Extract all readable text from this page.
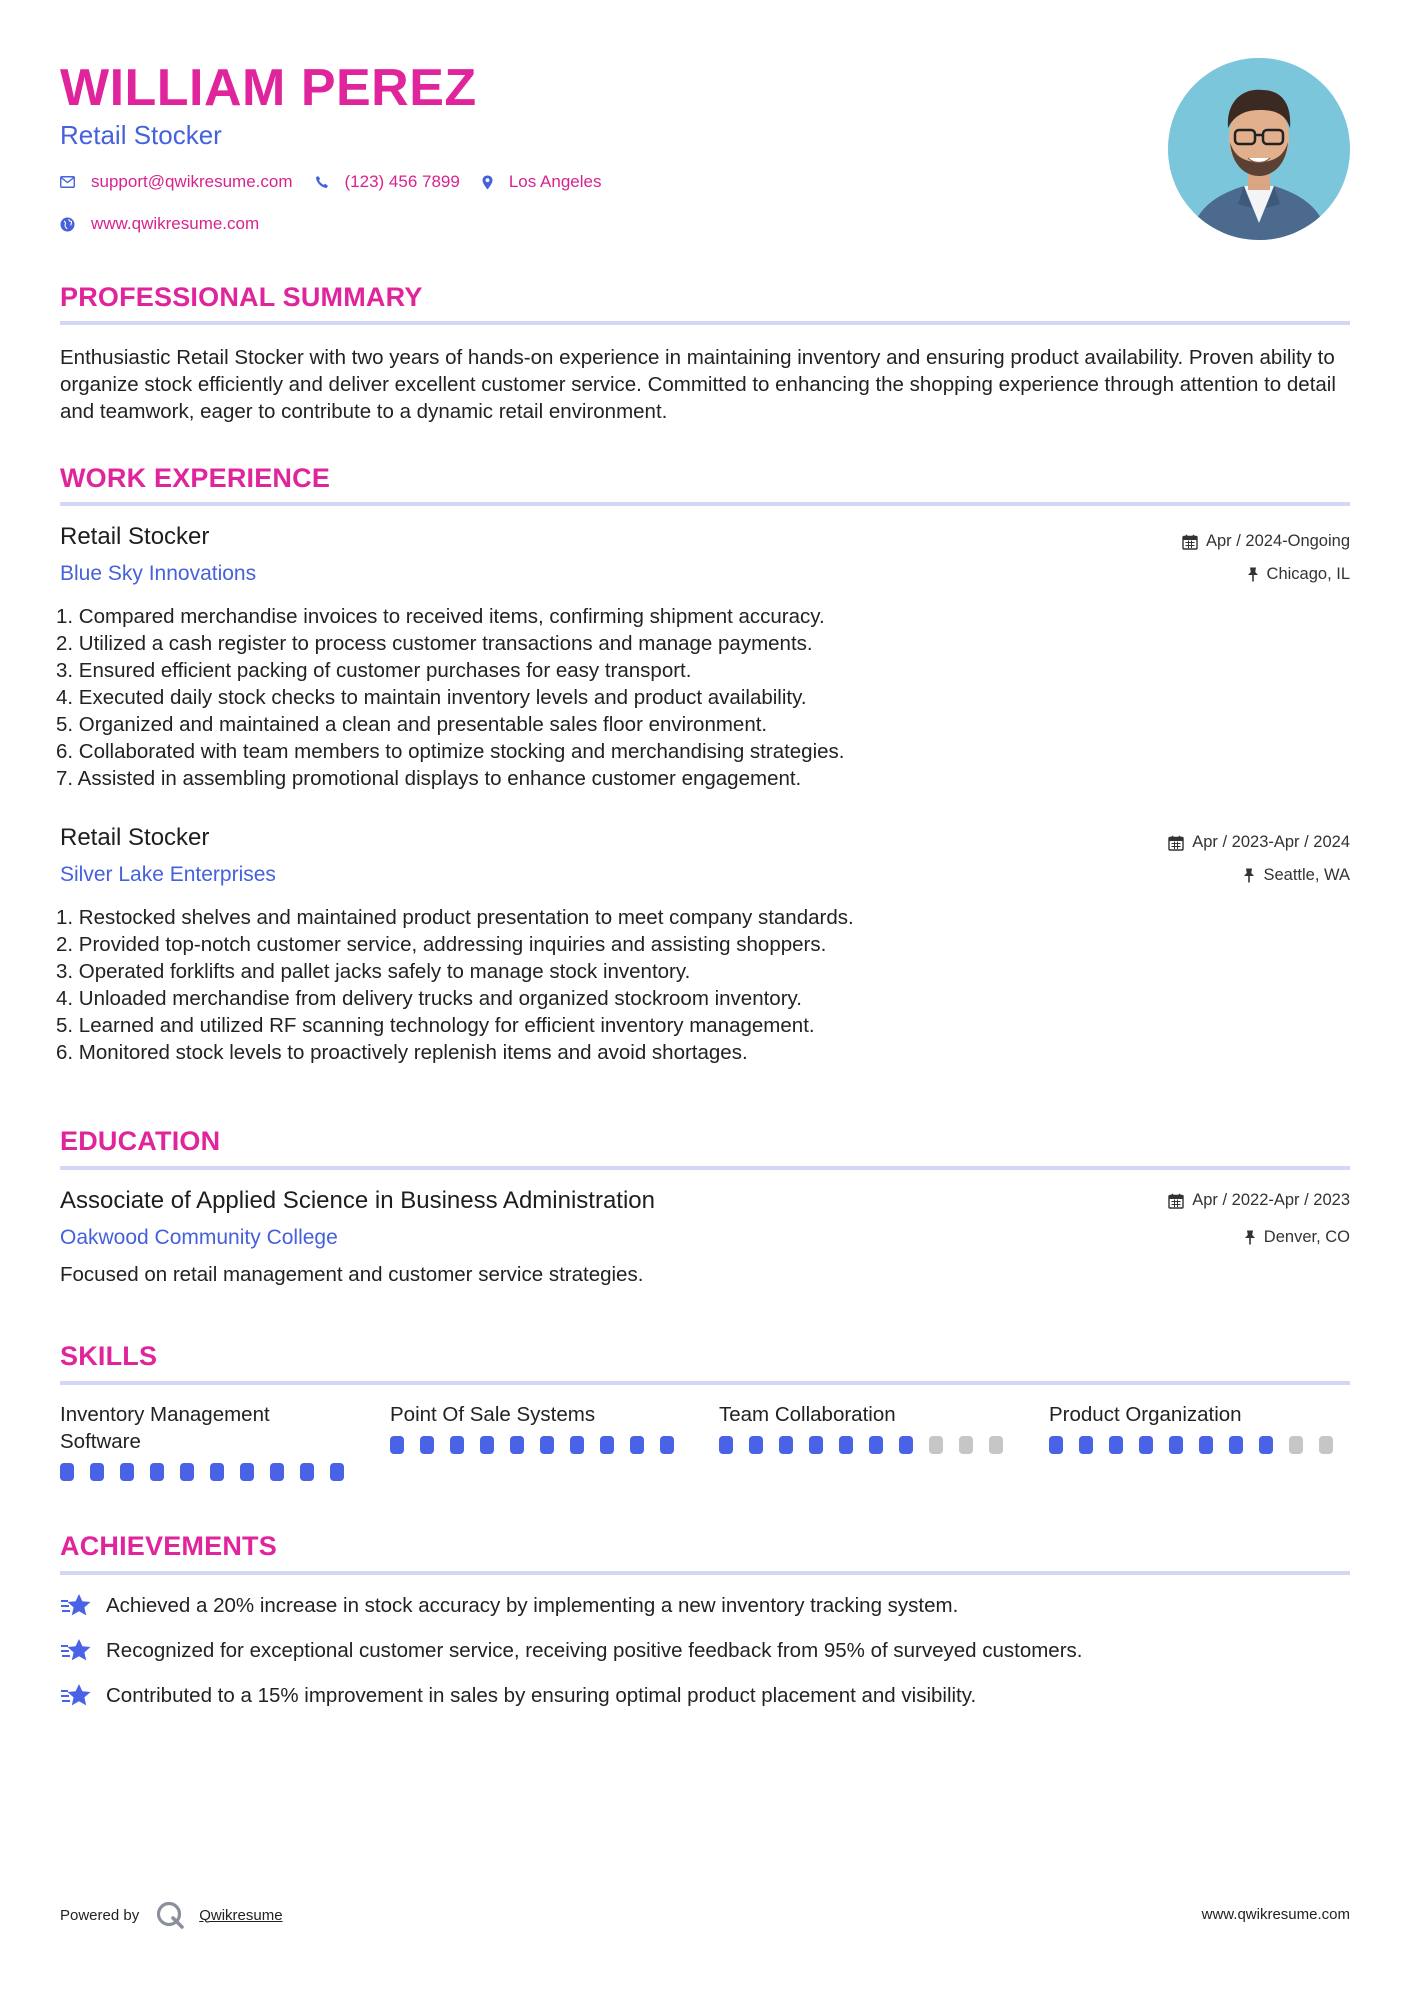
WILLIAM PEREZ
Retail Stocker
support@qwikresume.com	(123) 456 7899	Los Angeles
www.qwikresume.com
PROFESSIONAL SUMMARY
Enthusiastic Retail Stocker with two years of hands-on experience in maintaining inventory and ensuring product availability. Proven ability to organize stock efficiently and deliver excellent customer service. Committed to enhancing the shopping experience through attention to detail and teamwork, eager to contribute to a dynamic retail environment.
WORK EXPERIENCE
Retail Stocker
Blue Sky Innovations
Apr / 2024-Ongoing
Chicago, IL
1. Compared merchandise invoices to received items, confirming shipment accuracy.
2. Utilized a cash register to process customer transactions and manage payments.
3. Ensured efficient packing of customer purchases for easy transport.
4. Executed daily stock checks to maintain inventory levels and product availability.
5. Organized and maintained a clean and presentable sales floor environment.
6. Collaborated with team members to optimize stocking and merchandising strategies.
7. Assisted in assembling promotional displays to enhance customer engagement.
Retail Stocker
Silver Lake Enterprises
Apr / 2023-Apr / 2024
Seattle, WA
1. Restocked shelves and maintained product presentation to meet company standards.
2. Provided top-notch customer service, addressing inquiries and assisting shoppers.
3. Operated forklifts and pallet jacks safely to manage stock inventory.
4. Unloaded merchandise from delivery trucks and organized stockroom inventory.
5. Learned and utilized RF scanning technology for efficient inventory management.
6. Monitored stock levels to proactively replenish items and avoid shortages.
EDUCATION
Associate of Applied Science in Business Administration
Oakwood Community College
Apr / 2022-Apr / 2023
Denver, CO
Focused on retail management and customer service strategies.
SKILLS
Inventory Management Software
Point Of Sale Systems	Team Collaboration	Product Organization
ACHIEVEMENTS
Achieved a 20% increase in stock accuracy by implementing a new inventory tracking system.
Recognized for exceptional customer service, receiving positive feedback from 95% of surveyed customers.
Contributed to a 15% improvement in sales by ensuring optimal product placement and visibility.
Powered by	Qwikresume	www.qwikresume.com
